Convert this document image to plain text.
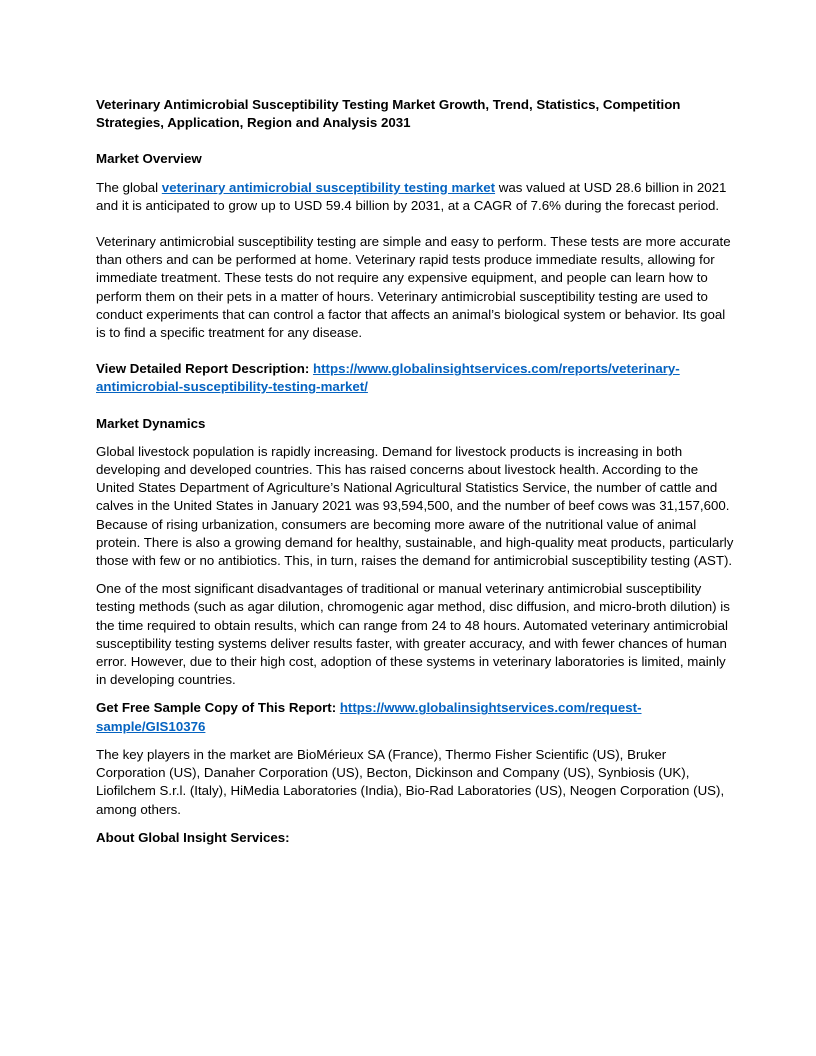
Veterinary Antimicrobial Susceptibility Testing Market Growth, Trend, Statistics, Competition Strategies, Application, Region and Analysis 2031
Market Overview

The global veterinary antimicrobial susceptibility testing market was valued at USD 28.6 billion in 2021 and it is anticipated to grow up to USD 59.4 billion by 2031, at a CAGR of 7.6% during the forecast period.

Veterinary antimicrobial susceptibility testing are simple and easy to perform. These tests are more accurate than others and can be performed at home. Veterinary rapid tests produce immediate results, allowing for immediate treatment. These tests do not require any expensive equipment, and people can learn how to perform them on their pets in a matter of hours. Veterinary antimicrobial susceptibility testing are used to conduct experiments that can control a factor that affects an animal’s biological system or behavior. Its goal is to find a specific treatment for any disease.

View Detailed Report Description: https://www.globalinsightservices.com/reports/veterinary-antimicrobial-susceptibility-testing-market/

Market Dynamics

Global livestock population is rapidly increasing. Demand for livestock products is increasing in both developing and developed countries. This has raised concerns about livestock health. According to the United States Department of Agriculture’s National Agricultural Statistics Service, the number of cattle and calves in the United States in January 2021 was 93,594,500, and the number of beef cows was 31,157,600. Because of rising urbanization, consumers are becoming more aware of the nutritional value of animal protein. There is also a growing demand for healthy, sustainable, and high-quality meat products, particularly those with few or no antibiotics. This, in turn, raises the demand for antimicrobial susceptibility testing (AST).

One of the most significant disadvantages of traditional or manual veterinary antimicrobial susceptibility testing methods (such as agar dilution, chromogenic agar method, disc diffusion, and micro-broth dilution) is the time required to obtain results, which can range from 24 to 48 hours. Automated veterinary antimicrobial susceptibility testing systems deliver results faster, with greater accuracy, and with fewer chances of human error. However, due to their high cost, adoption of these systems in veterinary laboratories is limited, mainly in developing countries.

Get Free Sample Copy of This Report: https://www.globalinsightservices.com/request-sample/GIS10376

The key players in the market are BioMérieux SA (France), Thermo Fisher Scientific (US), Bruker Corporation (US), Danaher Corporation (US), Becton, Dickinson and Company (US), Synbiosis (UK), Liofilchem S.r.l. (Italy), HiMedia Laboratories (India), Bio-Rad Laboratories (US), Neogen Corporation (US), among others.

About Global Insight Services:
